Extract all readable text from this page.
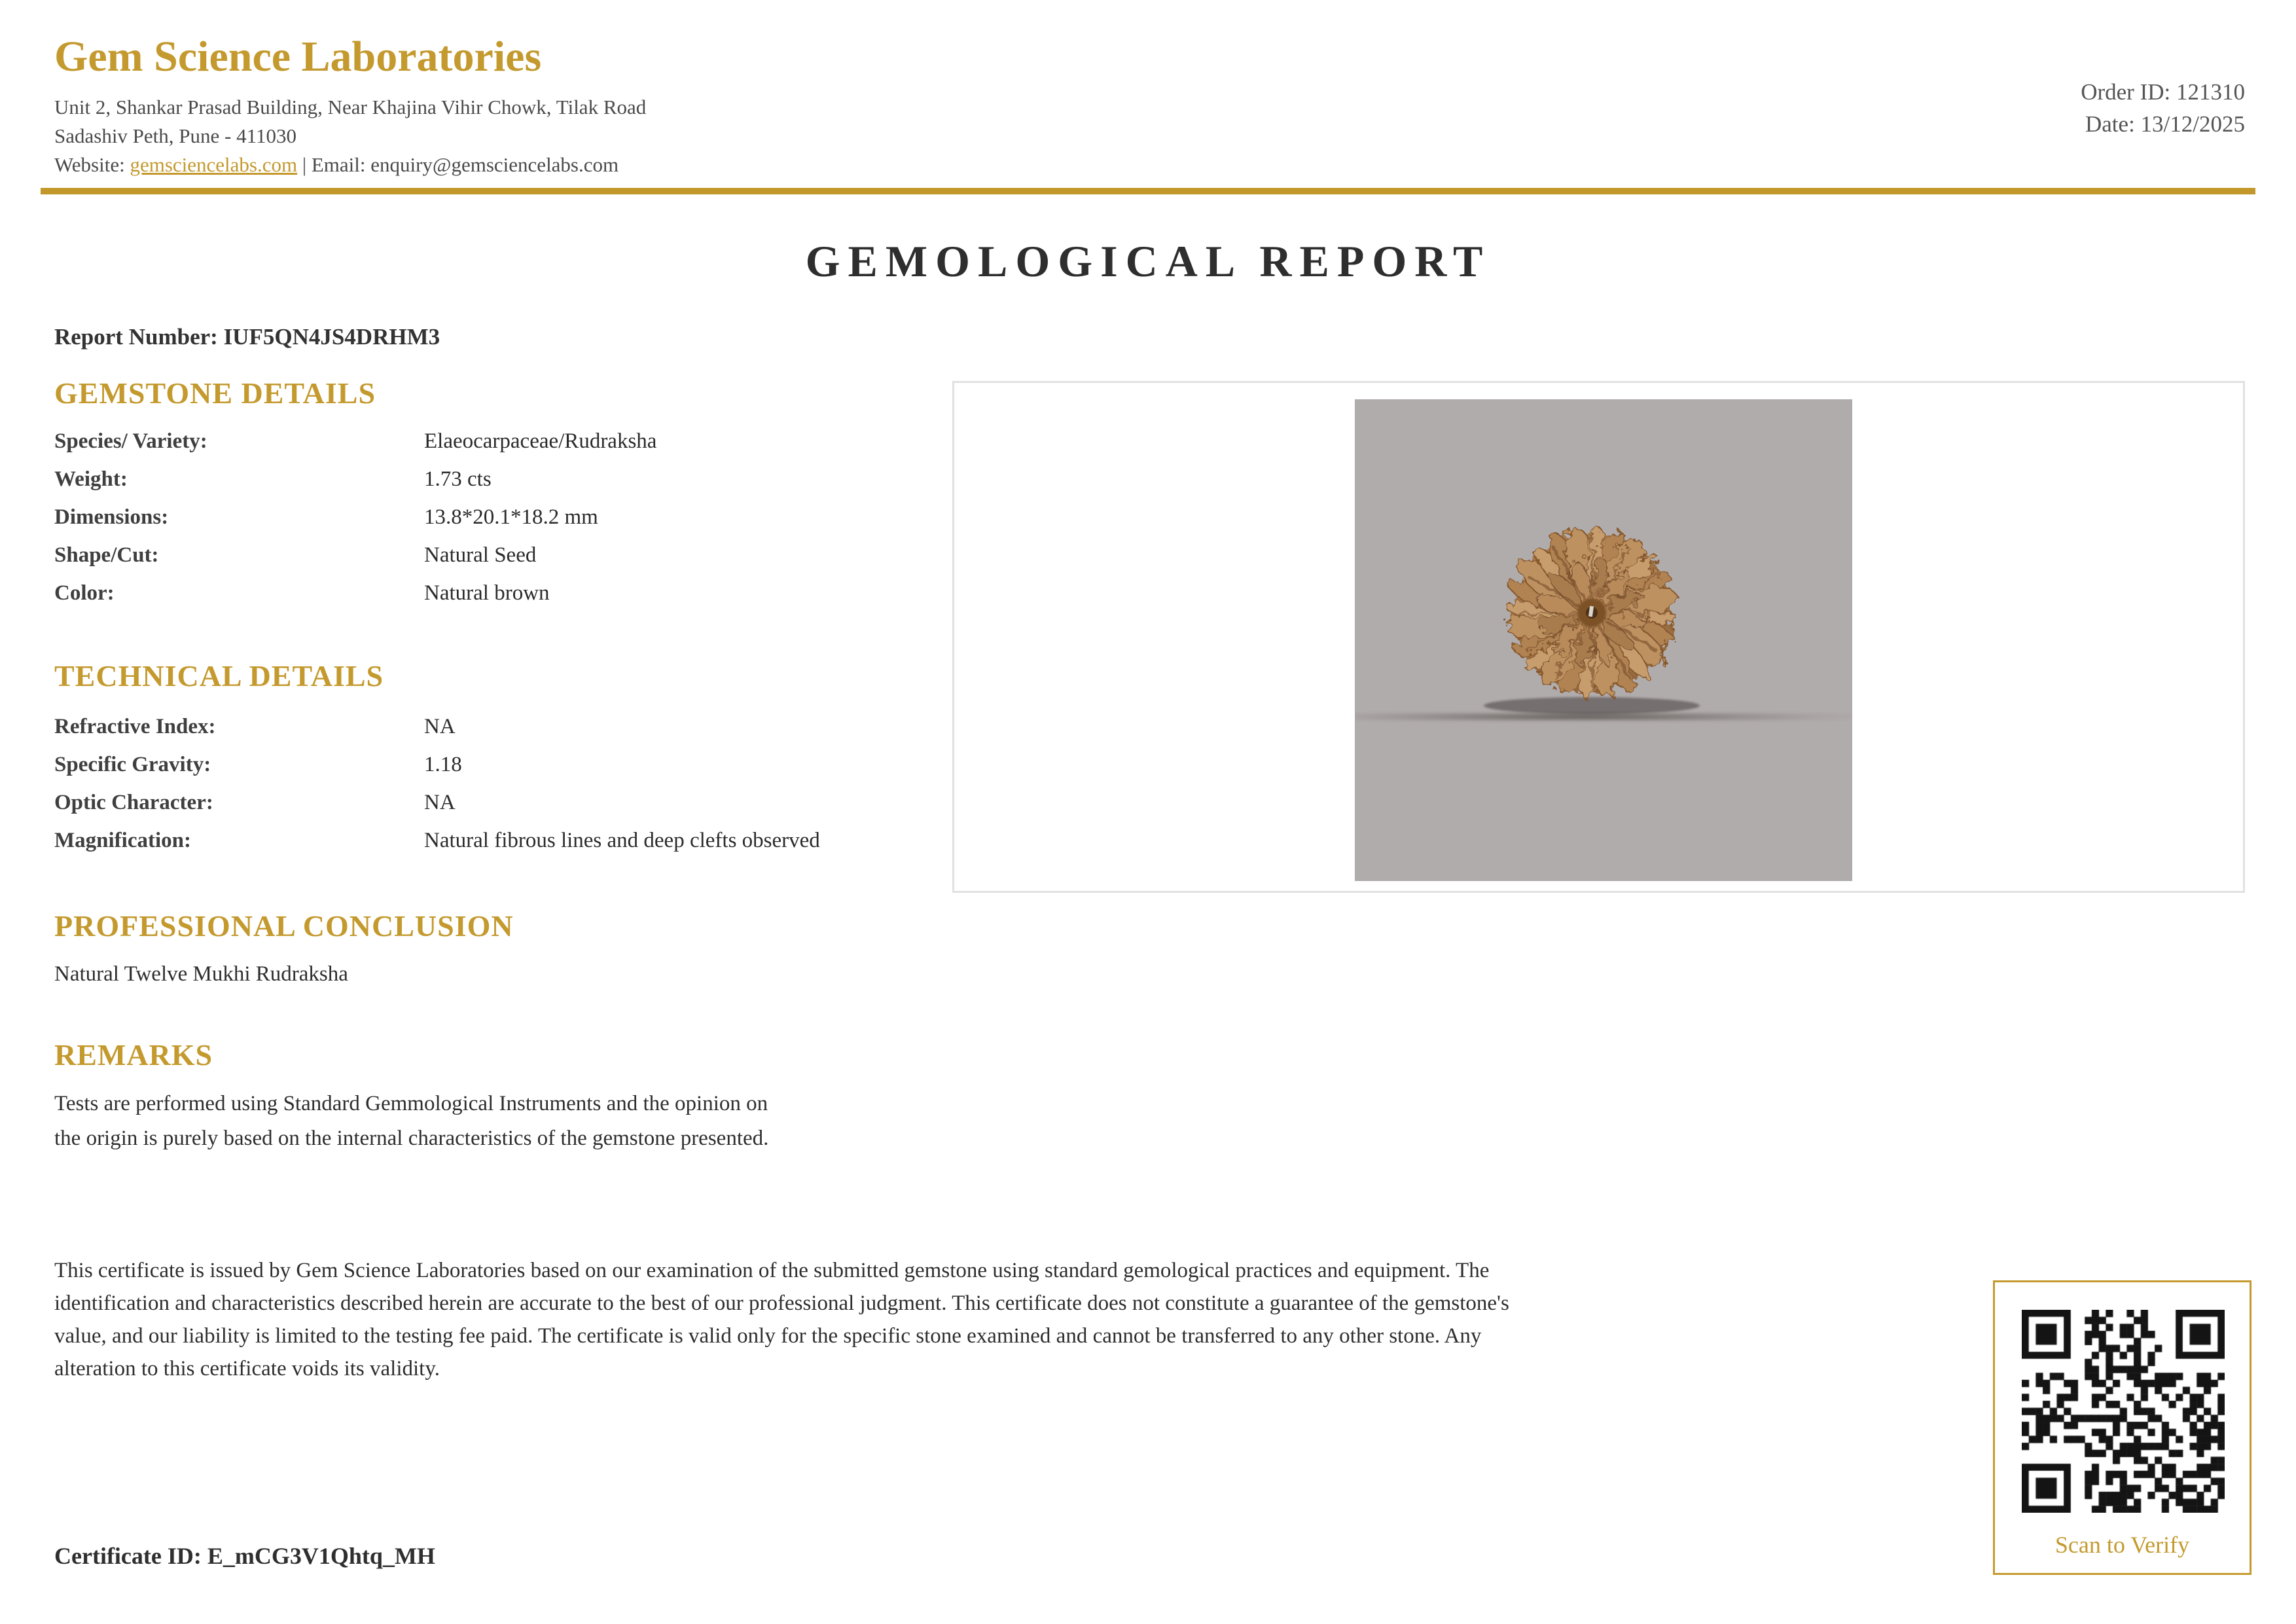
Gem Science Laboratories
Unit 2, Shankar Prasad Building, Near Khajina Vihir Chowk, Tilak Road
Sadashiv Peth, Pune - 411030
Website: gemsciencelabs.com | Email: enquiry@gemsciencelabs.com
Order ID: 121310
Date: 13/12/2025
GEMOLOGICAL REPORT
Report Number: IUF5QN4JS4DRHM3
GEMSTONE DETAILS
Species/ Variety:	Elaeocarpaceae/Rudraksha
Weight:	1.73 cts
Dimensions:	13.8*20.1*18.2 mm
Shape/Cut:	Natural Seed
Color:	Natural brown
TECHNICAL DETAILS
Refractive Index:	NA
Specific Gravity:	1.18
Optic Character:	NA
Magnification:	Natural fibrous lines and deep clefts observed
PROFESSIONAL CONCLUSION
Natural Twelve Mukhi Rudraksha
REMARKS
Tests are performed using Standard Gemmological Instruments and the opinion on
the origin is purely based on the internal characteristics of the gemstone presented.
This certificate is issued by Gem Science Laboratories based on our examination of the submitted gemstone using standard gemological practices and equipment. The
identification and characteristics described herein are accurate to the best of our professional judgment. This certificate does not constitute a guarantee of the gemstone's
value, and our liability is limited to the testing fee paid. The certificate is valid only for the specific stone examined and cannot be transferred to any other stone. Any
alteration to this certificate voids its validity.
Certificate ID: E_mCG3V1Qhtq_MH	Scan to Verify
